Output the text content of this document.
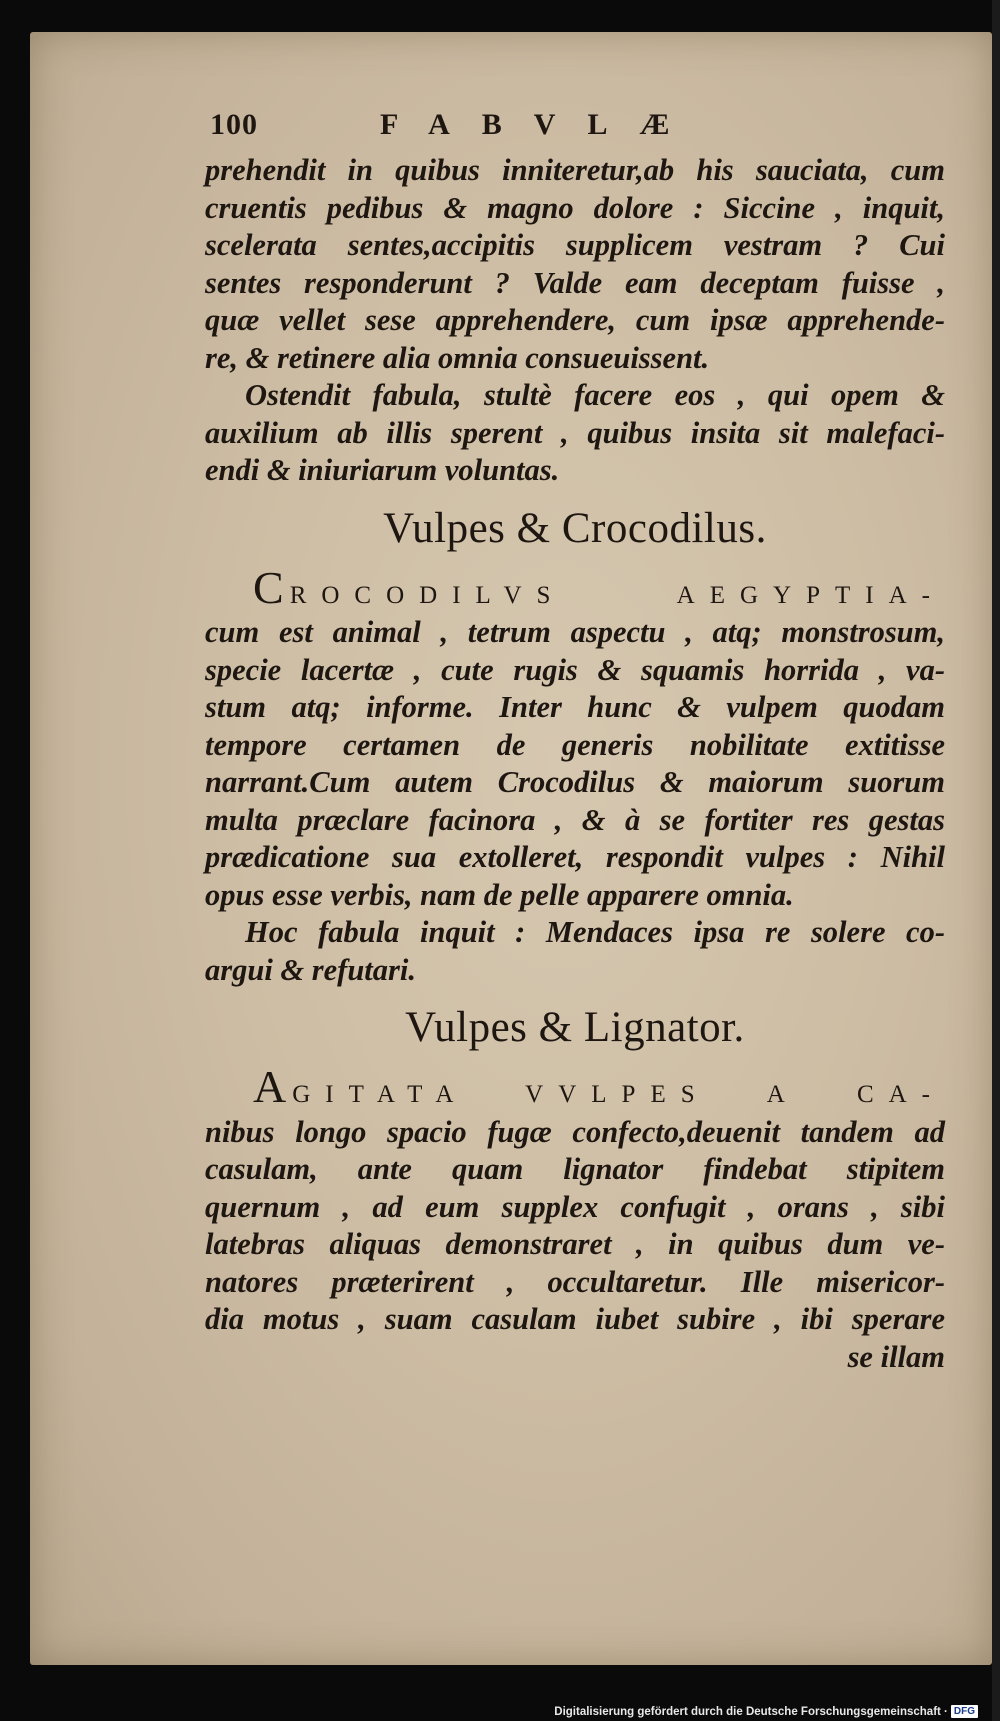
100	FABVLÆ

prehendit in quibus inniteretur,ab his sauciata, cum
cruentis pedibus & magno dolore : Siccine , inquit,
scelerata sentes,accipitis supplicem vestram ? Cui
sentes responderunt ? Valde eam deceptam fuisse ,
quæ vellet sese apprehendere, cum ipsæ apprehende-
re, & retinere alia omnia consueuissent.

Ostendit fabula, stultè facere eos , qui opem &
auxilium ab illis sperent , quibus insita sit malefaci-
endi & iniuriarum voluntas.

Vulpes & Crocodilus.

CROCODILVS AEGYPTIA-
cum est animal , tetrum aspectu , atq; monstrosum,
specie lacertæ , cute rugis & squamis horrida , va-
stum atq; informe. Inter hunc & vulpem quodam
tempore certamen de generis nobilitate extitisse
narrant.Cum autem Crocodilus & maiorum suorum
multa præclare facinora , & à se fortiter res gestas
prædicatione sua extolleret, respondit vulpes : Nihil
opus esse verbis, nam de pelle apparere omnia.
Hoc fabula inquit : Mendaces ipsa re solere co-
argui & refutari.

Vulpes & Lignator.

AGITATA VVLPES A CA-
nibus longo spacio fugæ confecto,deuenit tandem ad
casulam, ante quam lignator findebat stipitem
quernum , ad eum supplex confugit , orans , sibi
latebras aliquas demonstraret , in quibus dum ve-
natores præterirent , occultaretur. Ille misericor-
dia motus , suam casulam iubet subire , ibi sperare
se illam

Digitalisierung gefördert durch die Deutsche Forschungsgemeinschaft · DFG
